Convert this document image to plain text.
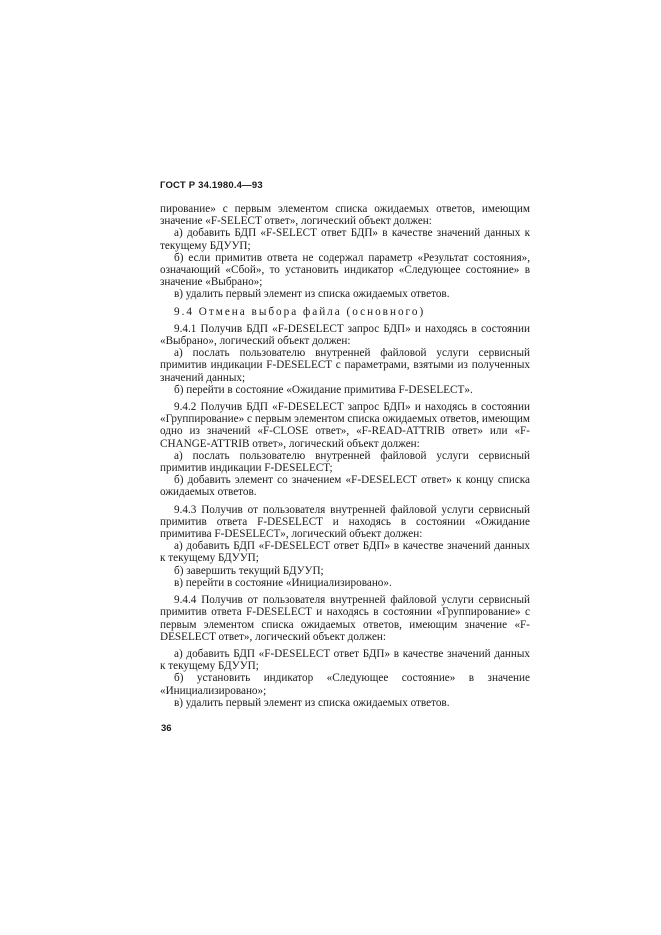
ГОСТ Р 34.1980.4—93

пирование» с первым элементом списка ожидаемых ответов, имеющим значение «F-SELECT ответ», логический объект должен:

а) добавить БДП «F-SELECT ответ БДП» в качестве значений данных к текущему БДУУП;

б) если примитив ответа не содержал параметр «Результат состояния», означающий «Сбой», то установить индикатор «Следующее состояние» в значение «Выбрано»;

в) удалить первый элемент из списка ожидаемых ответов.

9.4 Отмена выбора файла (основного)

9.4.1 Получив БДП «F-DESELECT запрос БДП» и находясь в состоянии «Выбрано», логический объект должен:

а) послать пользователю внутренней файловой услуги сервисный примитив индикации F-DESELECT с параметрами, взятыми из полученных значений данных;

б) перейти в состояние «Ожидание примитива F-DESELECT».

9.4.2 Получив БДП «F-DESELECT запрос БДП» и находясь в состоянии «Группирование» с первым элементом списка ожидаемых ответов, имеющим одно из значений «F-CLOSE ответ», «F-READ-ATTRIB ответ» или «F-CHANGE-ATTRIB ответ», логический объект должен:

а) послать пользователю внутренней файловой услуги сервисный примитив индикации F-DESELECT;

б) добавить элемент со значением «F-DESELECT ответ» к концу списка ожидаемых ответов.

9.4.3 Получив от пользователя внутренней файловой услуги сервисный примитив ответа F-DESELECT и находясь в состоянии «Ожидание примитива F-DESELECT», логический объект должен:

а) добавить БДП «F-DESELECT ответ БДП» в качестве значений данных к текущему БДУУП;

б) завершить текущий БДУУП;

в) перейти в состояние «Инициализировано».

9.4.4 Получив от пользователя внутренней файловой услуги сервисный примитив ответа F-DESELECT и находясь в состоянии «Группирование» с первым элементом списка ожидаемых ответов, имеющим значение «F-DESELECT ответ», логический объект должен:

а) добавить БДП «F-DESELECT ответ БДП» в качестве значений данных к текущему БДУУП;

б) установить индикатор «Следующее состояние» в значение «Инициализировано»;

в) удалить первый элемент из списка ожидаемых ответов.

36
